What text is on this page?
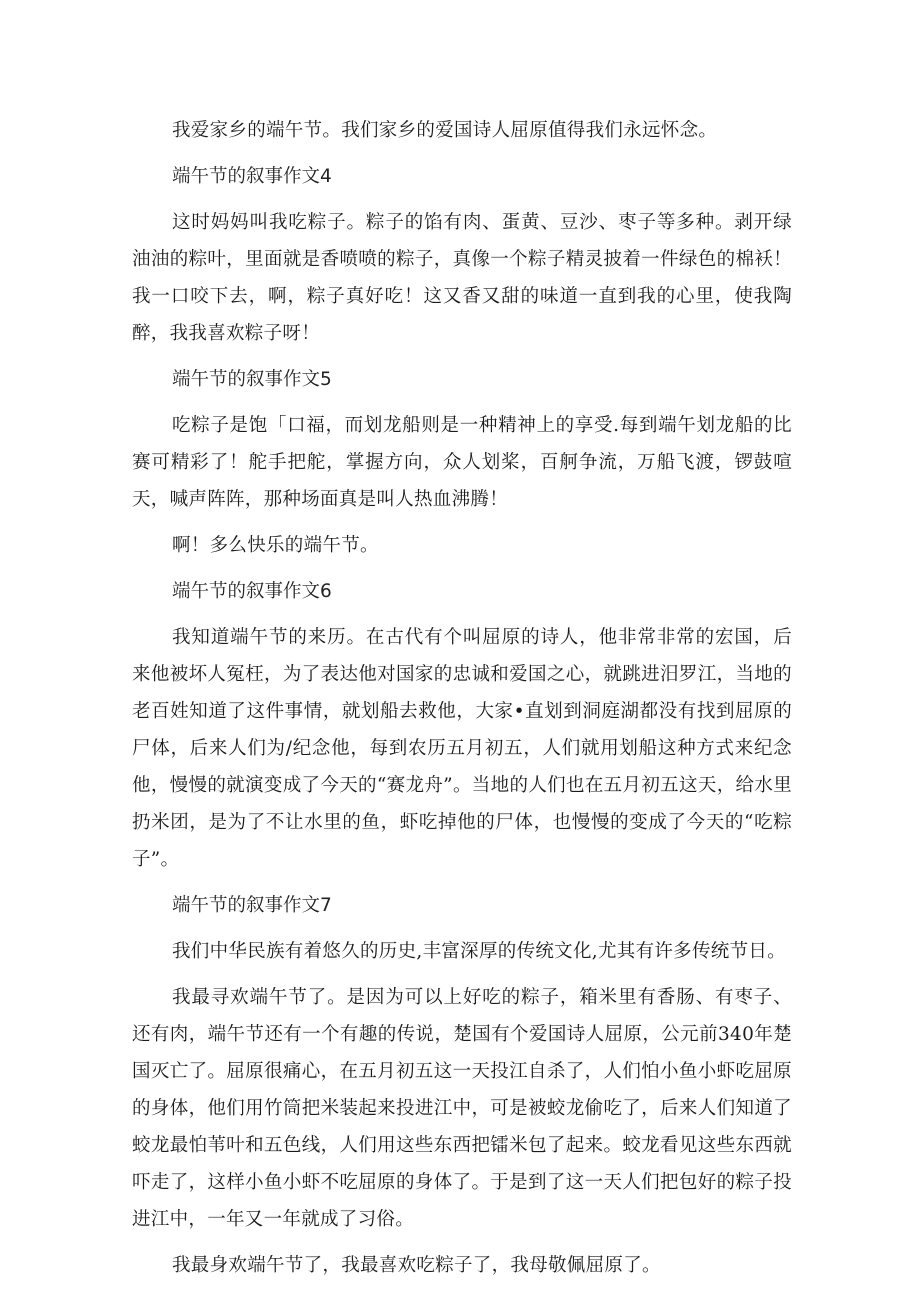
我爱家乡的端午节。我们家乡的爱国诗人屈原值得我们永远怀念。

端午节的叙事作文4

这时妈妈叫我吃粽子。粽子的馅有肉、蛋黄、豆沙、枣子等多种。剥开绿油油的粽叶，里面就是香喷喷的粽子，真像一个粽子精灵披着一件绿色的棉袄！我一口咬下去，啊，粽子真好吃！这又香又甜的味道一直到我的心里，使我陶醉，我我喜欢粽子呀！

端午节的叙事作文5

吃粽子是饱「口福，而划龙船则是一种精神上的享受.每到端午划龙船的比赛可精彩了！舵手把舵，掌握方向，众人划桨，百舸争流，万船飞渡，锣鼓喧天，喊声阵阵，那种场面真是叫人热血沸腾！

啊！多么快乐的端午节。

端午节的叙事作文6

我知道端午节的来历。在古代有个叫屈原的诗人，他非常非常的宏国，后来他被坏人冤枉，为了表达他对国家的忠诚和爱国之心，就跳进汨罗江，当地的老百姓知道了这件事情，就划船去救他，大家•直划到洞庭湖都没有找到屈原的尸体，后来人们为/纪念他，每到农历五月初五，人们就用划船这种方式来纪念他，慢慢的就演变成了今天的“赛龙舟”。当地的人们也在五月初五这天，给水里扔米团，是为了不让水里的鱼，虾吃掉他的尸体，也慢慢的变成了今天的“吃粽子”。

端午节的叙事作文7

我们中华民族有着悠久的历史,丰富深厚的传统文化,尤其有许多传统节日。

我最寻欢端午节了。是因为可以上好吃的粽子，箱米里有香肠、有枣子、还有肉，端午节还有一个有趣的传说，楚国有个爱国诗人屈原，公元前340年楚国灭亡了。屈原很痛心，在五月初五这一天投江自杀了，人们怕小鱼小虾吃屈原的身体，他们用竹筒把米装起来投进江中，可是被蛟龙偷吃了，后来人们知道了蛟龙最怕苇叶和五色线，人们用这些东西把镭米包了起来。蛟龙看见这些东西就吓走了，这样小鱼小虾不吃屈原的身体了。于是到了这一天人们把包好的粽子投进江中，一年又一年就成了习俗。

我最身欢端午节了，我最喜欢吃粽子了，我母敬佩屈原了。
